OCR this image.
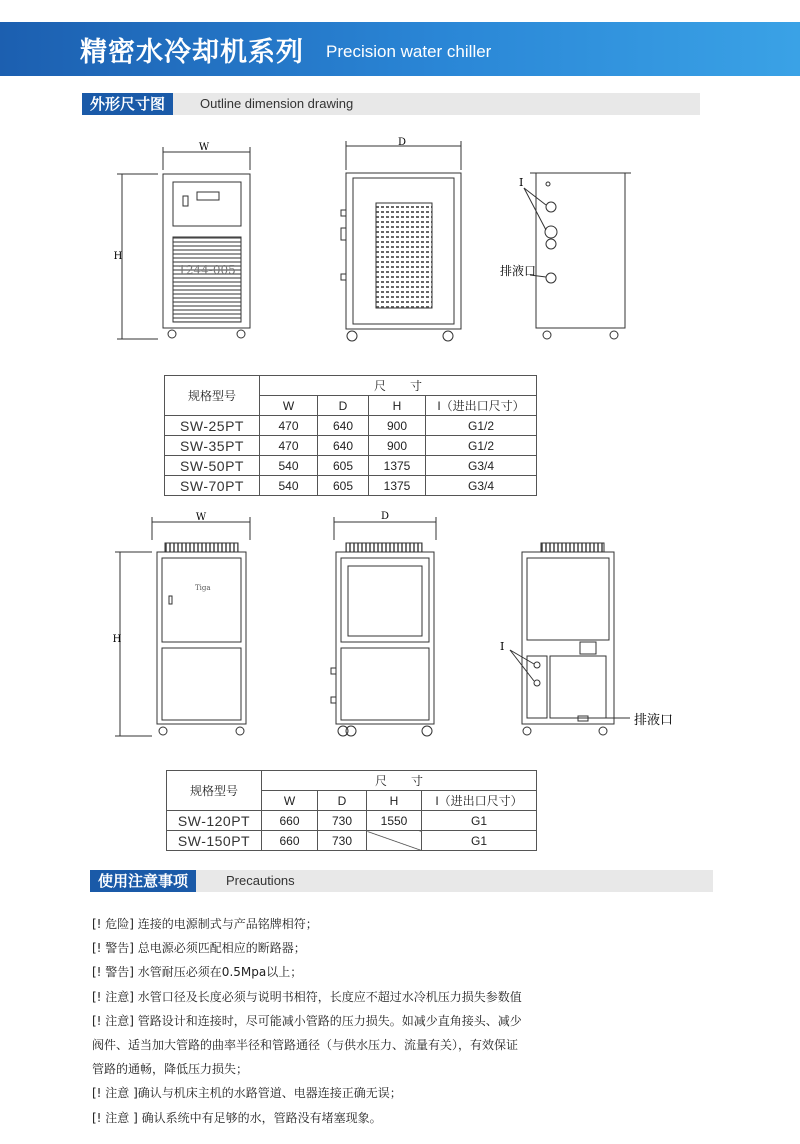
精密水冷却机系列 Precision water chiller
外形尺寸图	Outline dimension drawing
W	D
H
I
排液口
1244-005
规格型号	尺　　寸			
	W	D	H	I（进出口尺寸）
SW-25PT	470	640	900	G1/2
SW-35PT	470	640	900	G1/2
SW-50PT	540	605	1375	G3/4
SW-70PT	540	605	1375	G3/4
W	D
H
I
排液口
Tiga
规格型号	尺　　寸			
	W	D	H	I（进出口尺寸）
SW-120PT	660	730	1550	G1
SW-150PT	660	730		G1
使用注意事项	Precautions
[! 危险] 连接的电源制式与产品铭牌相符；
[! 警告] 总电源必须匹配相应的断路器；
[! 警告] 水管耐压必须在0.5Mpa以上；
[! 注意] 水管口径及长度必须与说明书相符，长度应不超过水冷机压力损失参数值
[! 注意] 管路设计和连接时，尽可能减小管路的压力损失。如减少直角接头、减少
阀件、适当加大管路的曲率半径和管路通径（与供水压力、流量有关），有效保证
管路的通畅，降低压力损失；
[! 注意 ]确认与机床主机的水路管道、电器连接正确无误；
[! 注意 ] 确认系统中有足够的水，管路没有堵塞现象。
